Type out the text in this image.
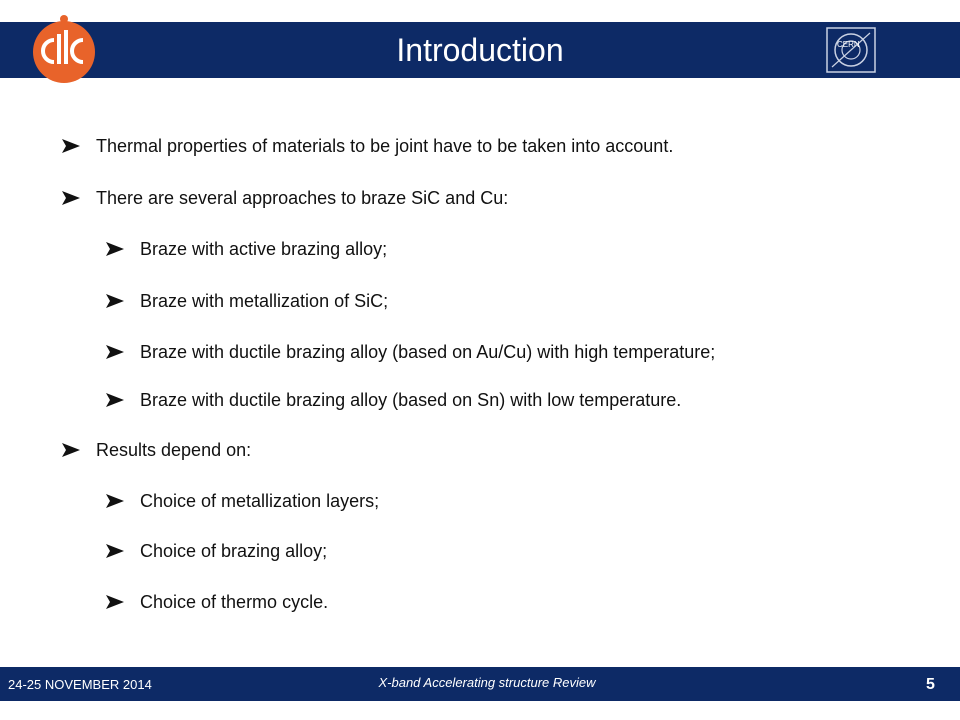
Introduction	CERN
Thermal properties of materials to be joint have to be taken into account.
There are several approaches to braze SiC and Cu:
Braze with active brazing alloy;
Braze with metallization of SiC;
Braze with ductile brazing alloy (based on Au/Cu) with high temperature;
Braze with ductile brazing alloy (based on Sn) with low temperature.
Results depend on:
Choice of metallization layers;
Choice of brazing alloy;
Choice of thermo cycle.
24-25 NOVEMBER 2014	X-band Accelerating structure Review	5
